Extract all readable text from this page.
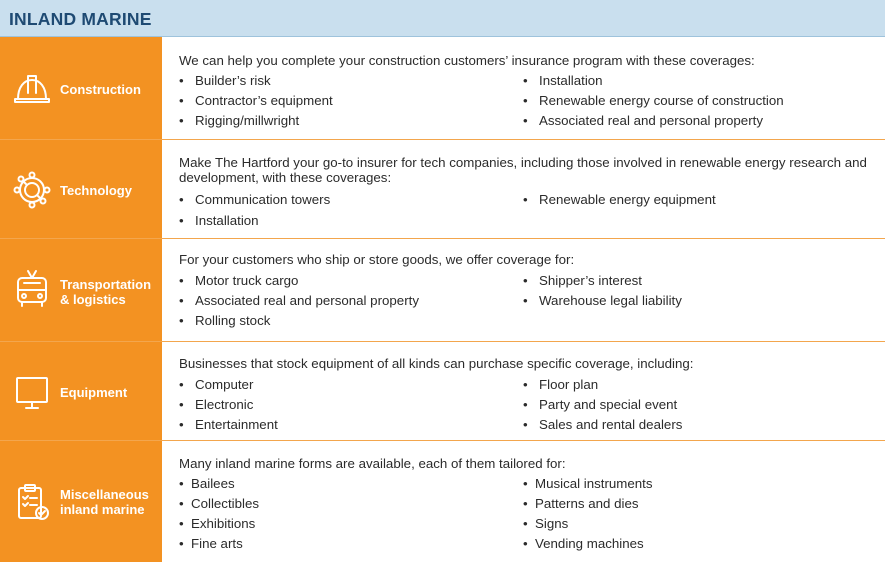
INLAND MARINE
Construction
We can help you complete your construction customers’ insurance program with these coverages:
• Builder’s risk
• Contractor’s equipment
• Rigging/millwright
• Installation
• Renewable energy course of construction
• Associated real and personal property
Technology
Make The Hartford your go-to insurer for tech companies, including those involved in renewable energy research and development, with these coverages:
• Communication towers
• Installation
• Renewable energy equipment
Transportation
& logistics
For your customers who ship or store goods, we offer coverage for:
• Motor truck cargo
• Associated real and personal property
• Rolling stock
• Shipper’s interest
• Warehouse legal liability
Equipment
Businesses that stock equipment of all kinds can purchase specific coverage, including:
• Computer
• Electronic
• Entertainment
• Floor plan
• Party and special event
• Sales and rental dealers
Miscellaneous
inland marine
Many inland marine forms are available, each of them tailored for:
• Bailees
• Collectibles
• Exhibitions
• Fine arts
• Musical instruments
• Patterns and dies
• Signs
• Vending machines
